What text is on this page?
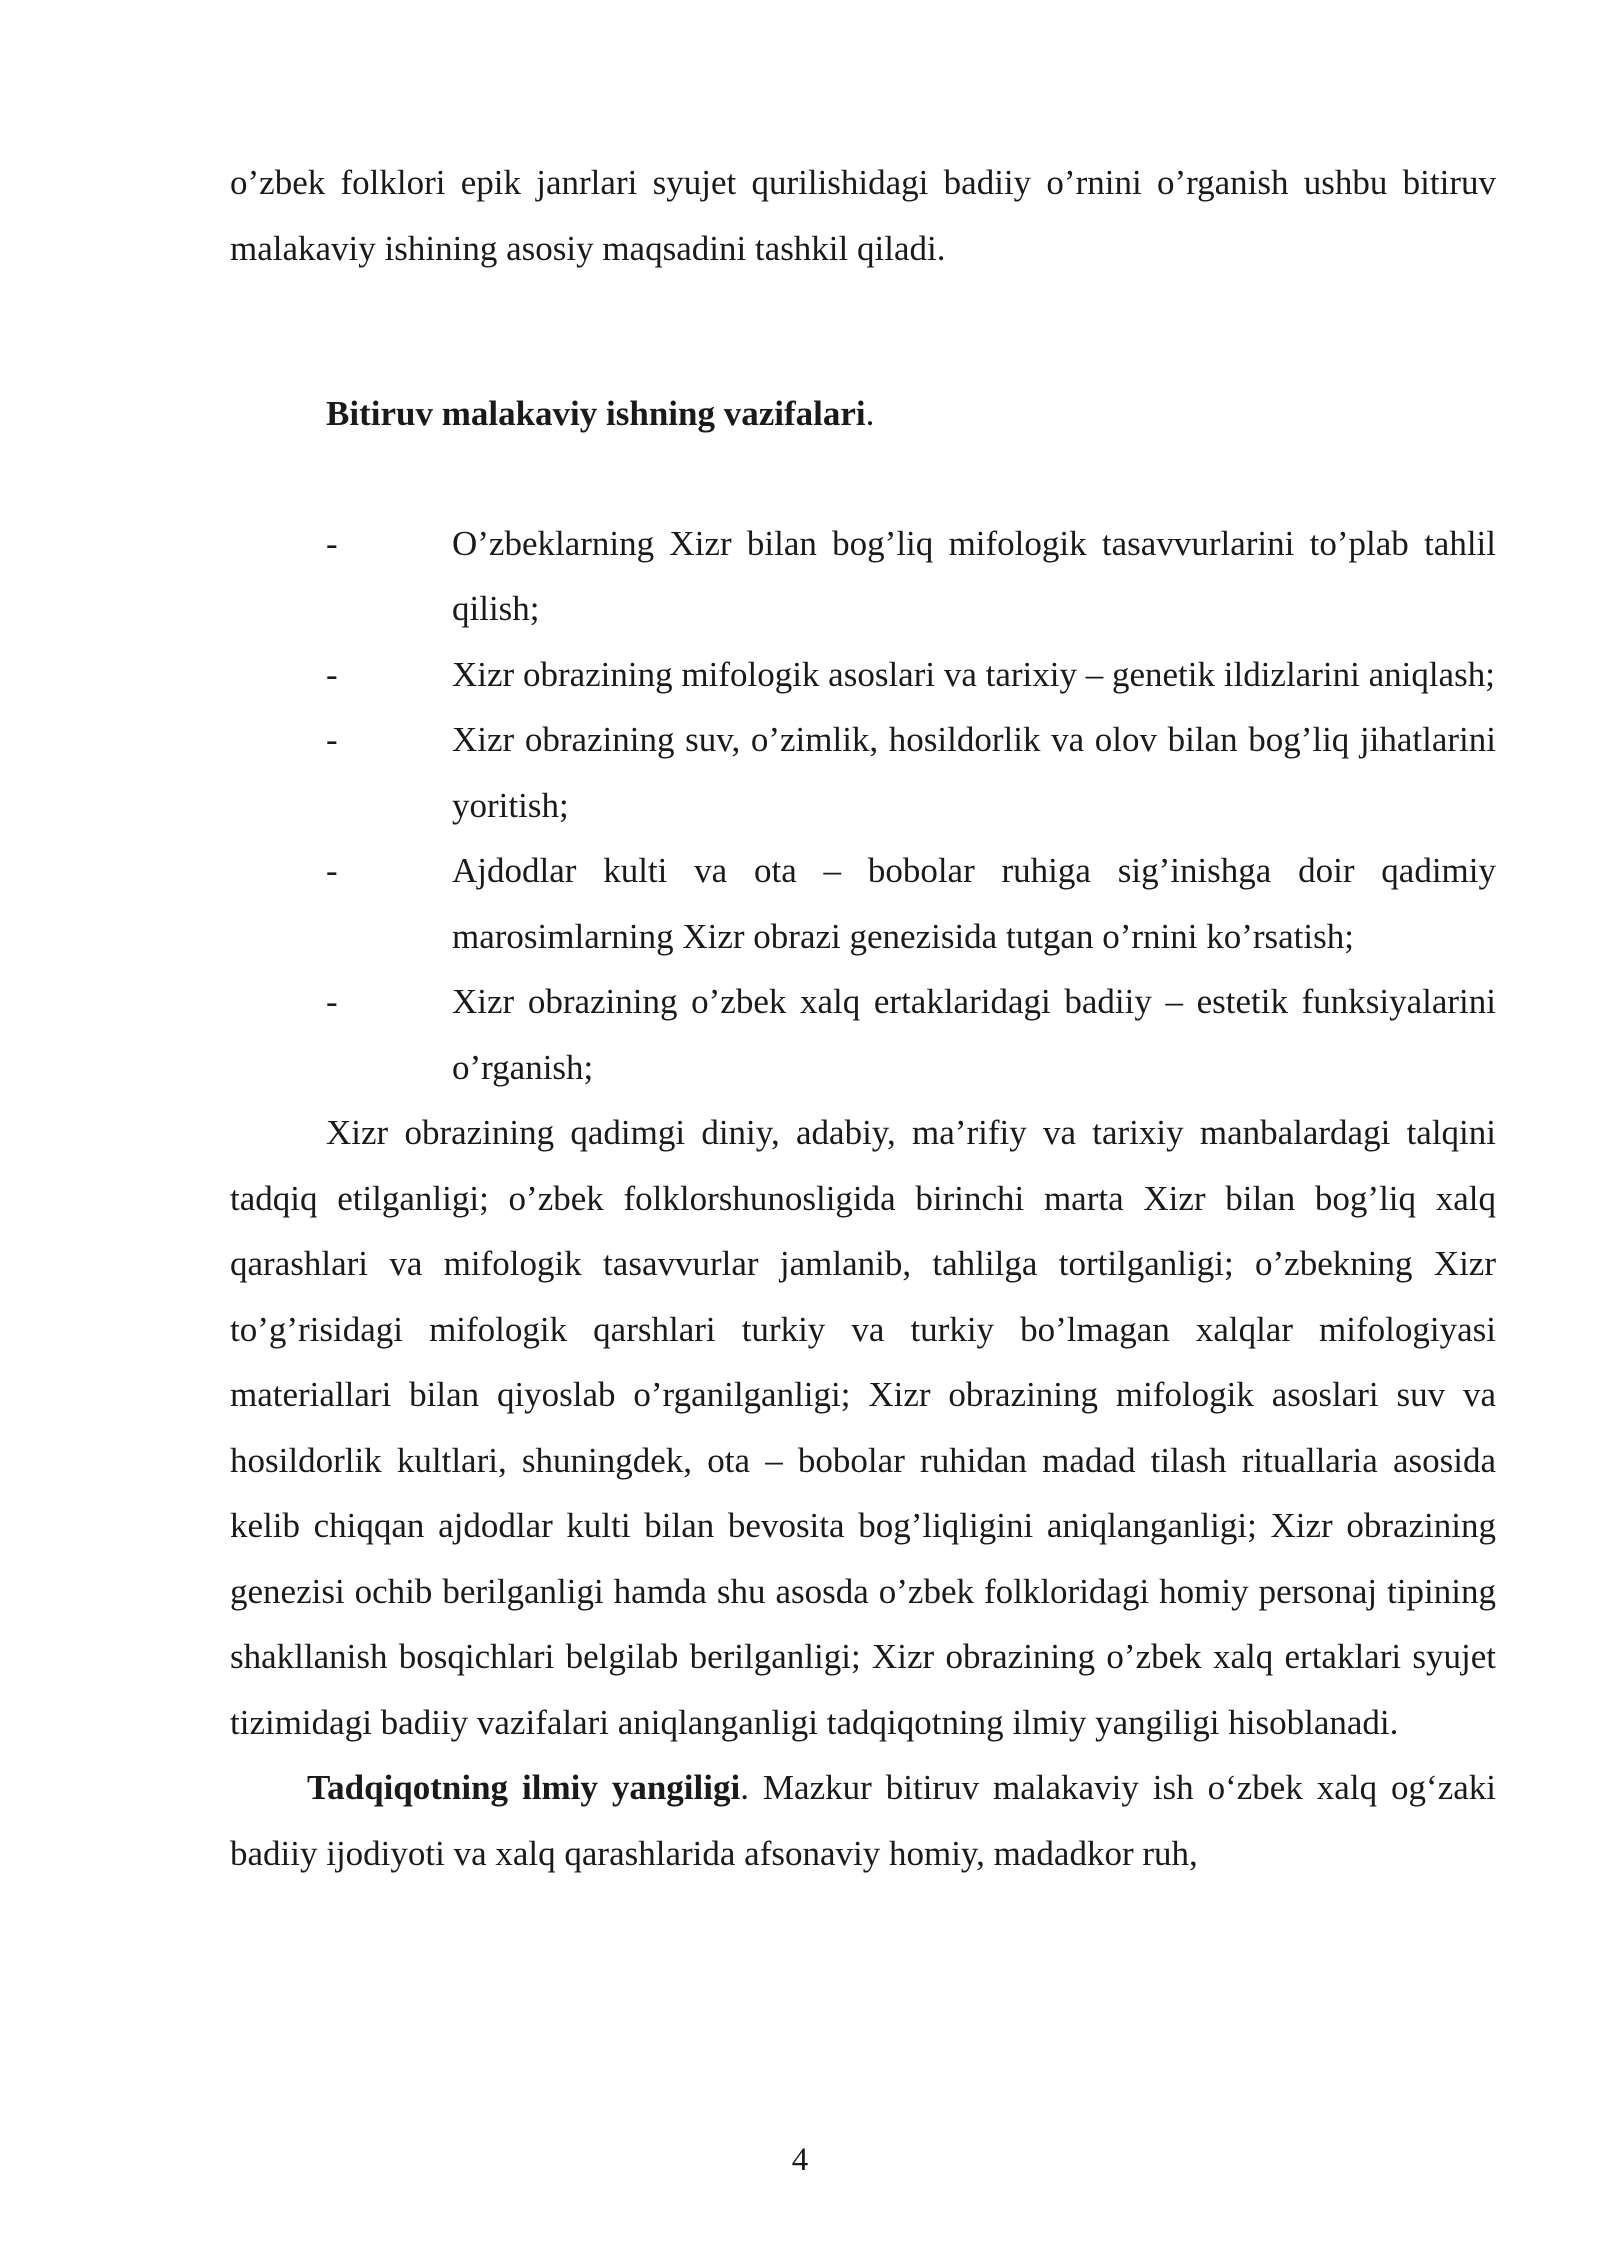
o’zbek folklori epik janrlari syujet qurilishidagi badiiy o’rnini o’rganish ushbu bitiruv malakaviy ishining asosiy maqsadini tashkil qiladi.

Bitiruv malakaviy ishning vazifalari.

-	O’zbeklarning Xizr bilan bog’liq mifologik tasavvurlarini to’plab tahlil qilish;
-	Xizr obrazining mifologik asoslari va tarixiy – genetik ildizlarini aniqlash;
-	Xizr obrazining suv, o’zimlik, hosildorlik va olov bilan bog’liq jihatlarini yoritish;
-	Ajdodlar kulti va ota – bobolar ruhiga sig’inishga doir qadimiy marosimlarning Xizr obrazi genezisida tutgan o’rnini ko’rsatish;
-	Xizr obrazining o’zbek xalq ertaklaridagi badiiy – estetik funksiyalarini o’rganish;

Xizr obrazining qadimgi diniy, adabiy, ma’rifiy va tarixiy manbalardagi talqini tadqiq etilganligi; o’zbek folklorshunosligida birinchi marta Xizr bilan bog’liq xalq qarashlari va mifologik tasavvurlar jamlanib, tahlilga tortilganligi; o’zbekning Xizr to’g’risidagi mifologik qarshlari turkiy va turkiy bo’lmagan xalqlar mifologiyasi materiallari bilan qiyoslab o’rganilganligi; Xizr obrazining mifologik asoslari suv va hosildorlik kultlari, shuningdek, ota – bobolar ruhidan madad tilash rituallaria asosida kelib chiqqan ajdodlar kulti bilan bevosita bog’liqligini aniqlanganligi; Xizr obrazining genezisi ochib berilganligi hamda shu asosda o’zbek folkloridagi homiy personaj tipining shakllanish bosqichlari belgilab berilganligi; Xizr obrazining o’zbek xalq ertaklari syujet tizimidagi badiiy vazifalari aniqlanganligi tadqiqotning ilmiy yangiligi hisoblanadi.

Tadqiqotning ilmiy yangiligi. Mazkur bitiruv malakaviy ish o‘zbek xalq og‘zaki badiiy ijodiyoti va xalq qarashlarida afsonaviy homiy, madadkor ruh,

4
